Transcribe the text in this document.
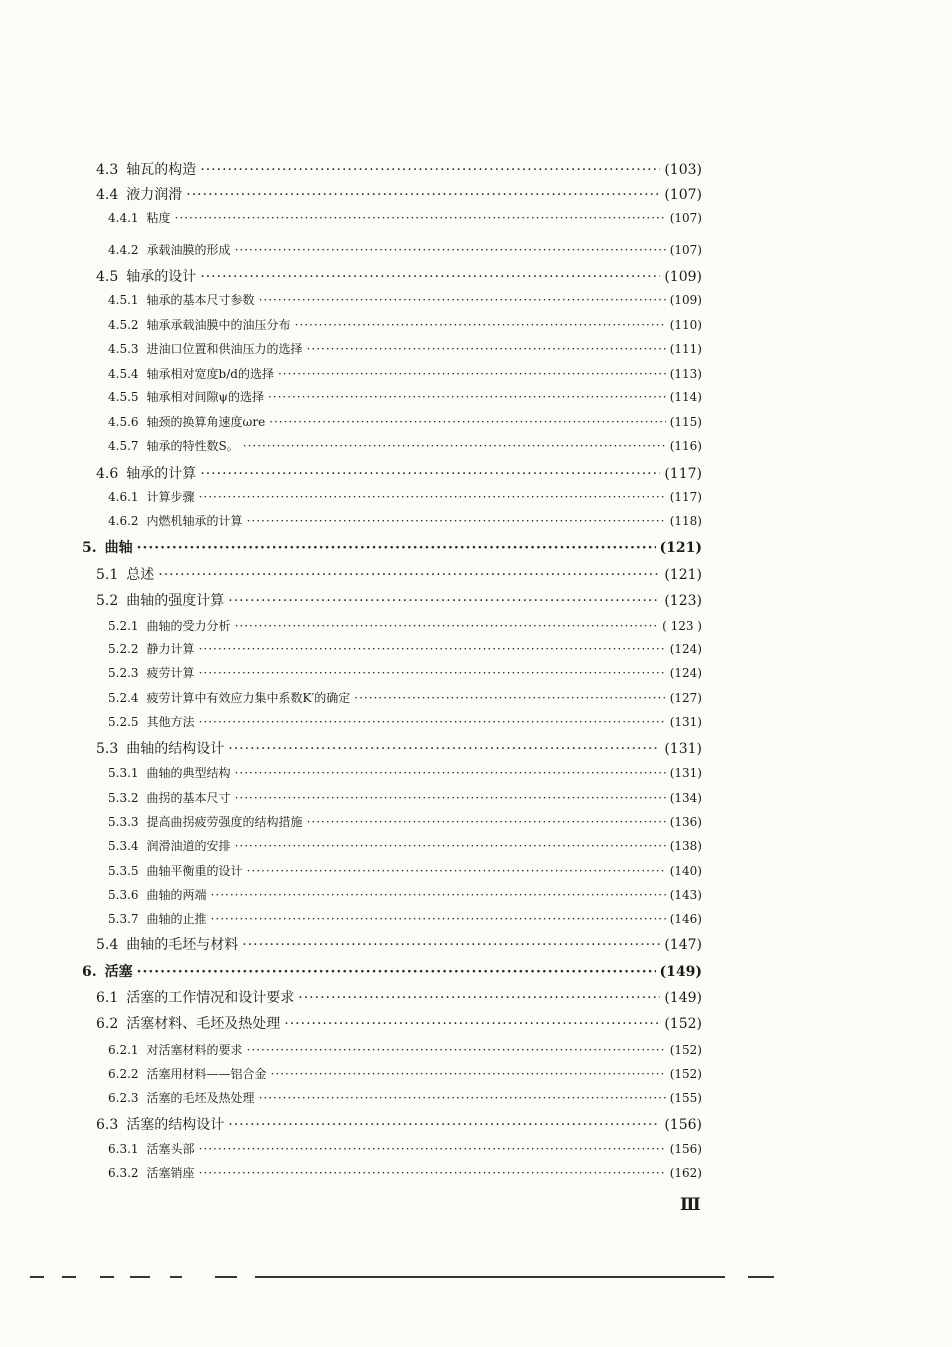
4.3 轴瓦的构造 ·····	(103)
4.4 液力润滑 ·····	(107)
4.4.1 粘度 ·····	(107)
4.4.2 承载油膜的形成 ·····	(107)
4.5 轴承的设计 ·····	(109)
4.5.1 轴承的基本尺寸参数 ·····	(109)
4.5.2 轴承承载油膜中的油压分布 ·····	(110)
4.5.3 进油口位置和供油压力的选择 ·····	(111)
4.5.4 轴承相对宽度b/d的选择 ·····	(113)
4.5.5 轴承相对间隙ψ的选择 ·····	(114)
4.5.6 轴颈的换算角速度ωre ·····	(115)
4.5.7 轴承的特性数S。 ·····	(116)
4.6 轴承的计算 ·····	(117)
4.6.1 计算步骤 ·····	(117)
4.6.2 内燃机轴承的计算 ·····	(118)
5. 曲轴 ·····	(121)
5.1 总述 ·····	(121)
5.2 曲轴的强度计算 ·····	(123)
5.2.1 曲轴的受力分析 ·····	( 123 )
5.2.2 静力计算 ·····	(124)
5.2.3 疲劳计算 ·····	(124)
5.2.4 疲劳计算中有效应力集中系数K′的确定 ·····	(127)
5.2.5 其他方法 ·····	(131)
5.3 曲轴的结构设计 ·····	(131)
5.3.1 曲轴的典型结构 ·····	(131)
5.3.2 曲拐的基本尺寸 ·····	(134)
5.3.3 提高曲拐疲劳强度的结构措施 ·····	(136)
5.3.4 润滑油道的安排 ·····	(138)
5.3.5 曲轴平衡重的设计 ·····	(140)
5.3.6 曲轴的两端 ·····	(143)
5.3.7 曲轴的止推 ·····	(146)
5.4 曲轴的毛坯与材料 ·····	(147)
6. 活塞 ·····	(149)
6.1 活塞的工作情况和设计要求 ·····	(149)
6.2 活塞材料、毛坯及热处理 ·····	(152)
6.2.1 对活塞材料的要求 ·····	(152)
6.2.2 活塞用材料——铝合金 ·····	(152)
6.2.3 活塞的毛坯及热处理 ·····	(155)
6.3 活塞的结构设计 ·····	(156)
6.3.1 活塞头部 ·····	(156)
6.3.2 活塞销座 ·····	(162)
Ⅲ
